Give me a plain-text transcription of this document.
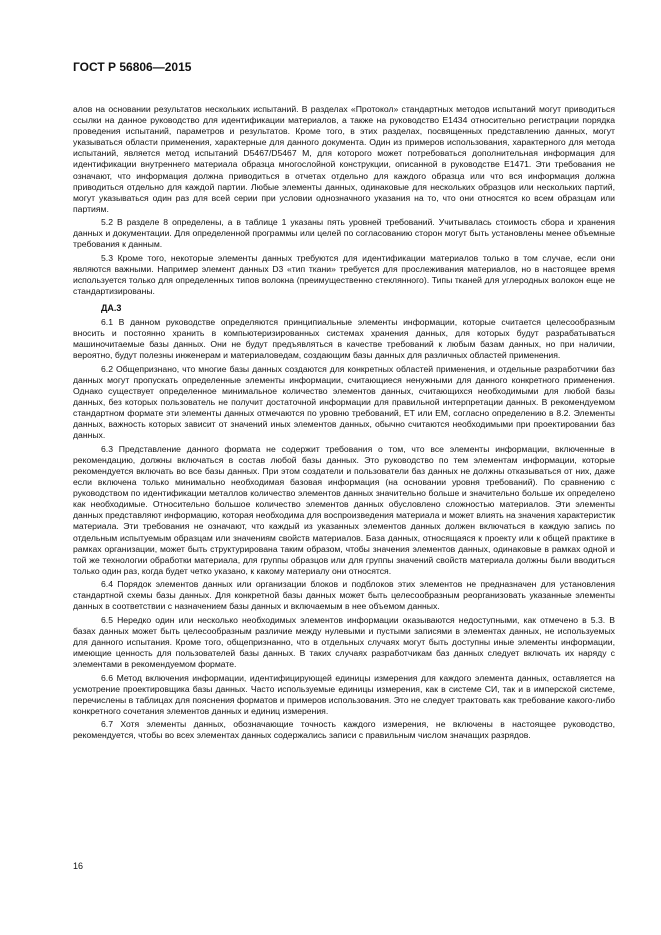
ГОСТ Р 56806—2015

алов на основании результатов нескольких испытаний. В разделах «Протокол» стандартных методов испытаний могут приводиться ссылки на данное руководство для идентификации материалов, а также на руководство Е1434 относительно регистрации порядка проведения испытаний, параметров и результатов. Кроме того, в этих разделах, посвященных представлению данных, могут указываться области применения, характерные для данного документа. Один из примеров использования, характерного для метода испытаний, является метод испытаний D5467/D5467 М, для которого может потребоваться дополнительная информация для идентификации внутреннего материала образца многослойной конструкции, описанной в руководстве Е1471. Эти требования не означают, что информация должна приводиться в отчетах отдельно для каждого образца или что вся информация должна приводиться отдельно для каждой партии. Любые элементы данных, одинаковые для нескольких образцов или нескольких партий, могут указываться один раз для всей серии при условии однозначного указания на то, что они относятся ко всем образцам или партиям.

5.2 В разделе 8 определены, а в таблице 1 указаны пять уровней требований. Учитывалась стоимость сбора и хранения данных и документации. Для определенной программы или целей по согласованию сторон могут быть установлены менее объемные требования к данным.

5.3 Кроме того, некоторые элементы данных требуются для идентификации материалов только в том случае, если они являются важными. Например элемент данных D3 «тип ткани» требуется для прослеживания материалов, но в настоящее время используется только для определенных типов волокна (преимущественно стеклянного). Типы тканей для углеродных волокон еще не стандартизированы.

ДА.3

6.1 В данном руководстве определяются принципиальные элементы информации, которые считается целесообразным вносить и постоянно хранить в компьютеризированных системах хранения данных, для которых будут разрабатываться машиночитаемые базы данных. Они не будут предъявляться в качестве требований к любым базам данных, но при наличии, вероятно, будут полезны инженерам и материаловедам, создающим базы данных для различных областей применения.

6.2 Общепризнано, что многие базы данных создаются для конкретных областей применения, и отдельные разработчики баз данных могут пропускать определенные элементы информации, считающиеся ненужными для данного конкретного применения. Однако существует определенное минимальное количество элементов данных, считающихся необходимыми для любой базы данных, без которых пользователь не получит достаточной информации для правильной интерпретации данных. В рекомендуемом стандартном формате эти элементы данных отмечаются по уровню требований, ЕТ или ЕМ, согласно определению в 8.2. Элементы данных, важность которых зависит от значений иных элементов данных, обычно считаются необходимыми при проектировании баз данных.

6.3 Представление данного формата не содержит требования о том, что все элементы информации, включенные в рекомендацию, должны включаться в состав любой базы данных. Это руководство по тем элементам информации, которые рекомендуется включать во все базы данных. При этом создатели и пользователи баз данных не должны отказываться от них, даже если включена только минимально необходимая базовая информация (на основании уровня требований). По сравнению с руководством по идентификации металлов количество элементов данных значительно больше и значительно больше их определено как необходимые. Относительно большое количество элементов данных обусловлено сложностью материалов. Эти элементы данных представляют информацию, которая необходима для воспроизведения материала и может влиять на значения характеристик материала. Эти требования не означают, что каждый из указанных элементов данных должен включаться в каждую запись по отдельным испытуемым образцам или значениям свойств материалов. База данных, относящаяся к проекту или к общей практике в рамках организации, может быть структурирована таким образом, чтобы значения элементов данных, одинаковые в рамках одной и той же технологии обработки материала, для группы образцов или для группы значений свойств материала должны были вводиться только один раз, когда будет четко указано, к какому материалу они относятся.

6.4 Порядок элементов данных или организации блоков и подблоков этих элементов не предназначен для установления стандартной схемы базы данных. Для конкретной базы данных может быть целесообразным реорганизовать указанные элементы данных в соответствии с назначением базы данных и включаемым в нее объемом данных.

6.5 Нередко один или несколько необходимых элементов информации оказываются недоступными, как отмечено в 5.3. В базах данных может быть целесообразным различие между нулевыми и пустыми записями в элементах данных, не используемых для данного испытания. Кроме того, общепризнанно, что в отдельных случаях могут быть доступны иные элементы информации, имеющие ценность для пользователей базы данных. В таких случаях разработчикам баз данных следует включать их наряду с элементами в рекомендуемом формате.

6.6 Метод включения информации, идентифицирующей единицы измерения для каждого элемента данных, оставляется на усмотрение проектировщика базы данных. Часто используемые единицы измерения, как в системе СИ, так и в имперской системе, перечислены в таблицах для пояснения форматов и примеров использования. Это не следует трактовать как требование какого-либо конкретного сочетания элементов данных и единиц измерения.

6.7 Хотя элементы данных, обозначающие точность каждого измерения, не включены в настоящее руководство, рекомендуется, чтобы во всех элементах данных содержались записи с правильным числом значащих разрядов.

16
